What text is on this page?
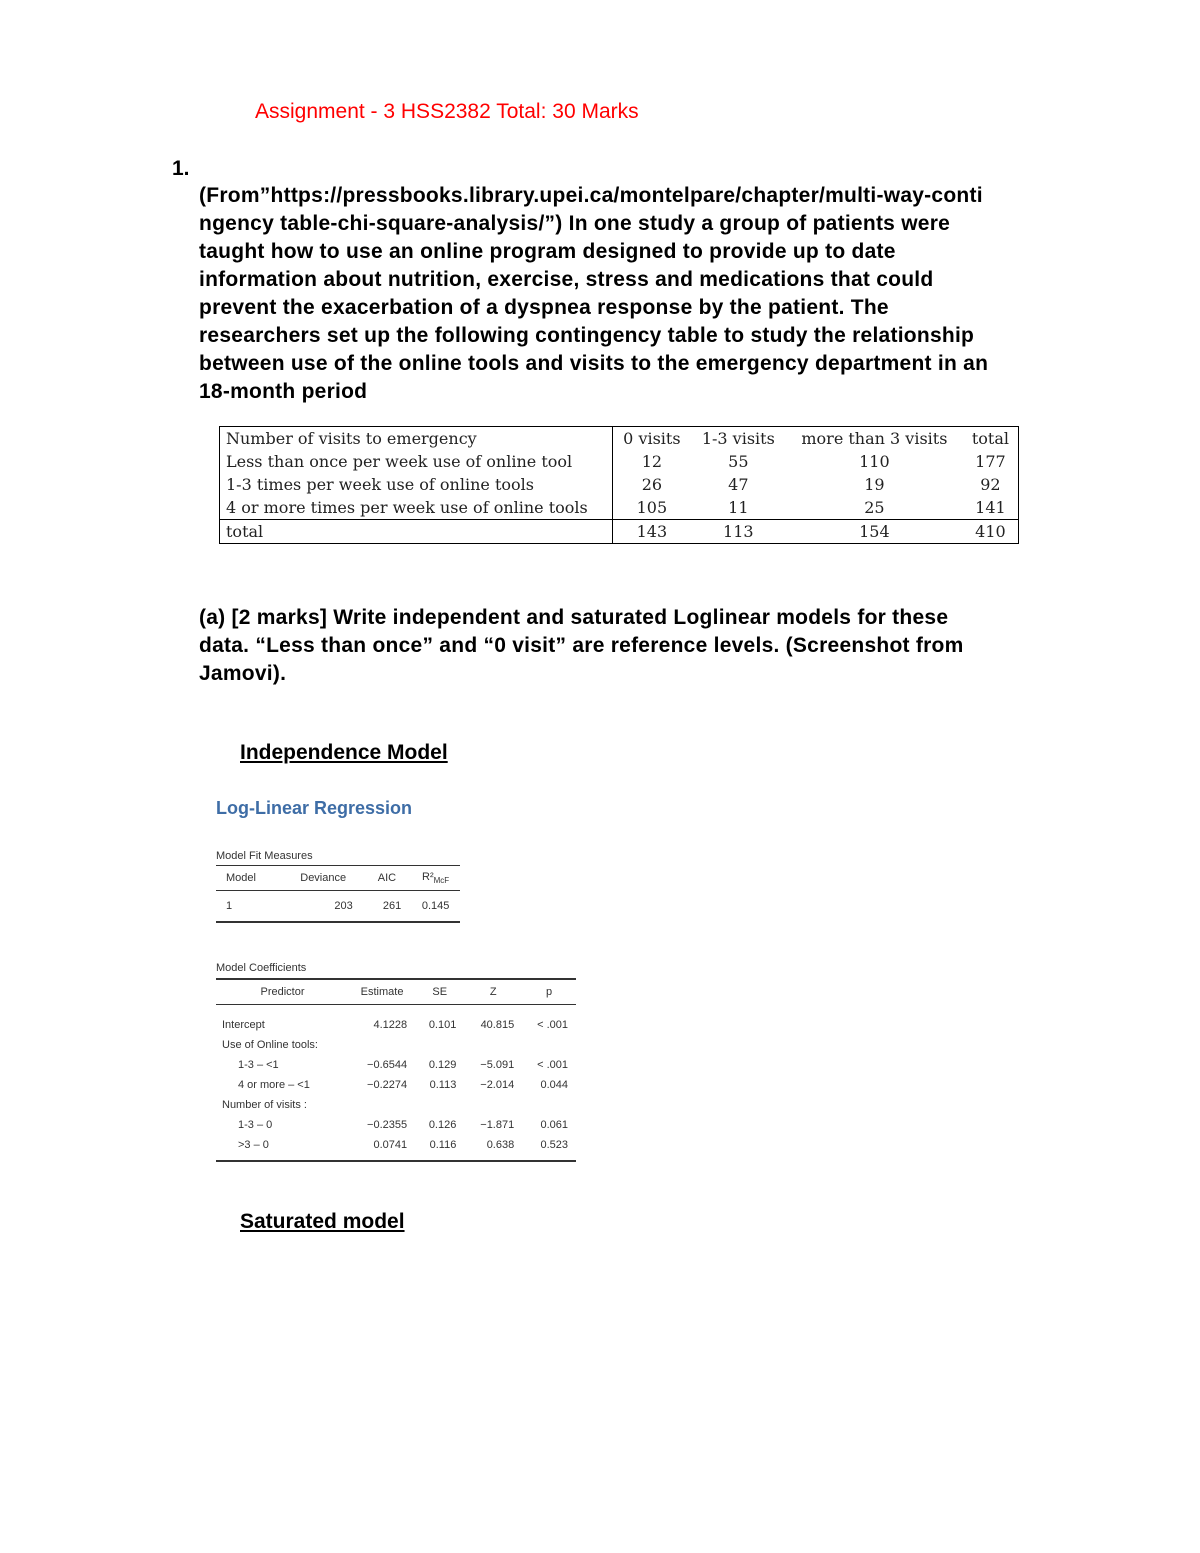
Assignment - 3 HSS2382 Total: 30 Marks
1.
(From”https://pressbooks.library.upei.ca/montelpare/chapter/multi-way-conti
ngency table-chi-square-analysis/”) In one study a group of patients were
taught how to use an online program designed to provide up to date
information about nutrition, exercise, stress and medications that could
prevent the exacerbation of a dyspnea response by the patient. The
researchers set up the following contingency table to study the relationship
between use of the online tools and visits to the emergency department in an
18-month period
Number of visits to emergency	0 visits	1-3 visits	more than 3 visits	total
Less than once per week use of online tool	12	55	110	177
1-3 times per week use of online tools	26	47	19	92
4 or more times per week use of online tools	105	11	25	141
total	143	113	154	410
(a) [2 marks] Write independent and saturated Loglinear models for these
data. “Less than once” and “0 visit” are reference levels. (Screenshot from
Jamovi).
Independence Model
Log-Linear Regression
Model Fit Measures
Model	Deviance	AIC	$R^2_{McF}$
1	203	261	0.145
Model Coefficients
Predictor	Estimate	SE	Z	p

Intercept	4.1228	0.101	40.815	< .001
Use of Online tools:				
1-3 – <1	−0.6544	0.129	−5.091	< .001
4 or more – <1	−0.2274	0.113	−2.014	0.044
Number of visits :				
1-3 – 0	−0.2355	0.126	−1.871	0.061
>3 – 0	0.0741	0.116	0.638	0.523
Saturated model
